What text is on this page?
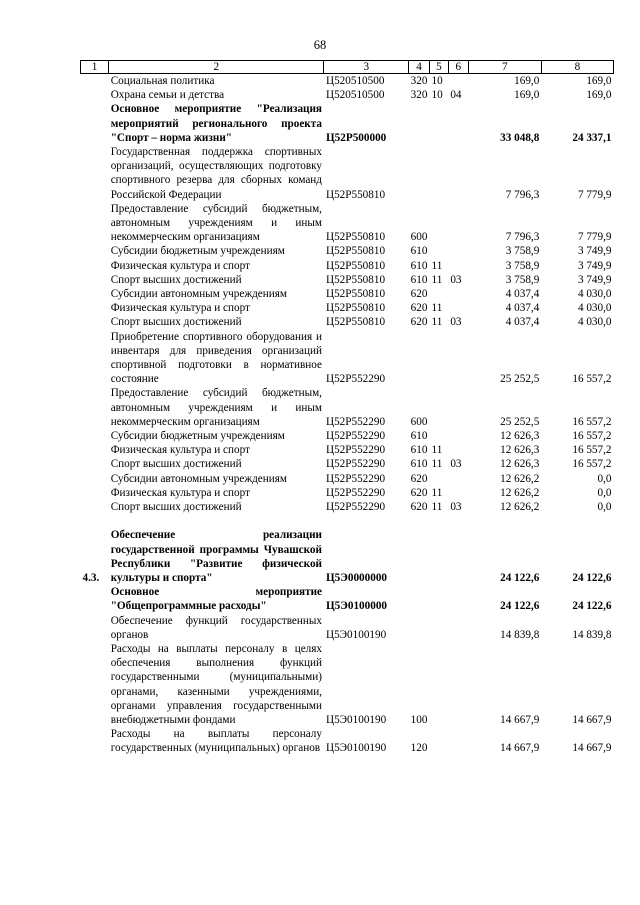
68
1	2	3	4	5	6	7	8
	Социальная политика	Ц520510500	320	10		169,0	169,0
	Охрана семьи и детства	Ц520510500	320	10	04	169,0	169,0
	Основное мероприятие "Реализация мероприятий регионального проекта "Спорт – норма жизни"	Ц52P500000				33 048,8	24 337,1
	Государственная поддержка спортивных организаций, осуществляющих подготовку спортивного резерва для сборных команд Российской Федерации	Ц52P550810				7 796,3	7 779,9
	Предоставление субсидий бюджетным, автономным учреждениям и иным некоммерческим организациям	Ц52P550810	600			7 796,3	7 779,9
	Субсидии бюджетным учреждениям	Ц52P550810	610			3 758,9	3 749,9
	Физическая культура и спорт	Ц52P550810	610	11		3 758,9	3 749,9
	Спорт высших достижений	Ц52P550810	610	11	03	3 758,9	3 749,9
	Субсидии автономным учреждениям	Ц52P550810	620			4 037,4	4 030,0
	Физическая культура и спорт	Ц52P550810	620	11		4 037,4	4 030,0
	Спорт высших достижений	Ц52P550810	620	11	03	4 037,4	4 030,0
	Приобретение спортивного оборудования и инвентаря для приведения организаций спортивной подготовки в нормативное состояние	Ц52P552290				25 252,5	16 557,2
	Предоставление субсидий бюджетным, автономным учреждениям и иным некоммерческим организациям	Ц52P552290	600			25 252,5	16 557,2
	Субсидии бюджетным учреждениям	Ц52P552290	610			12 626,3	16 557,2
	Физическая культура и спорт	Ц52P552290	610	11		12 626,3	16 557,2
	Спорт высших достижений	Ц52P552290	610	11	03	12 626,3	16 557,2
	Субсидии автономным учреждениям	Ц52P552290	620			12 626,2	0,0
	Физическая культура и спорт	Ц52P552290	620	11		12 626,2	0,0
	Спорт высших достижений	Ц52P552290	620	11	03	12 626,2	0,0

4.3.	Обеспечение реализации государственной программы Чувашской Республики "Развитие физической культуры и спорта"	Ц5Э0000000				24 122,6	24 122,6
	Основное мероприятие "Общепрограммные расходы"	Ц5Э0100000				24 122,6	24 122,6
	Обеспечение функций государственных органов	Ц5Э0100190				14 839,8	14 839,8
	Расходы на выплаты персоналу в целях обеспечения выполнения функций государственными (муниципальными) органами, казенными учреждениями, органами управления государственными внебюджетными фондами	Ц5Э0100190	100			14 667,9	14 667,9
	Расходы на выплаты персоналу государственных (муниципальных) органов	Ц5Э0100190	120			14 667,9	14 667,9
